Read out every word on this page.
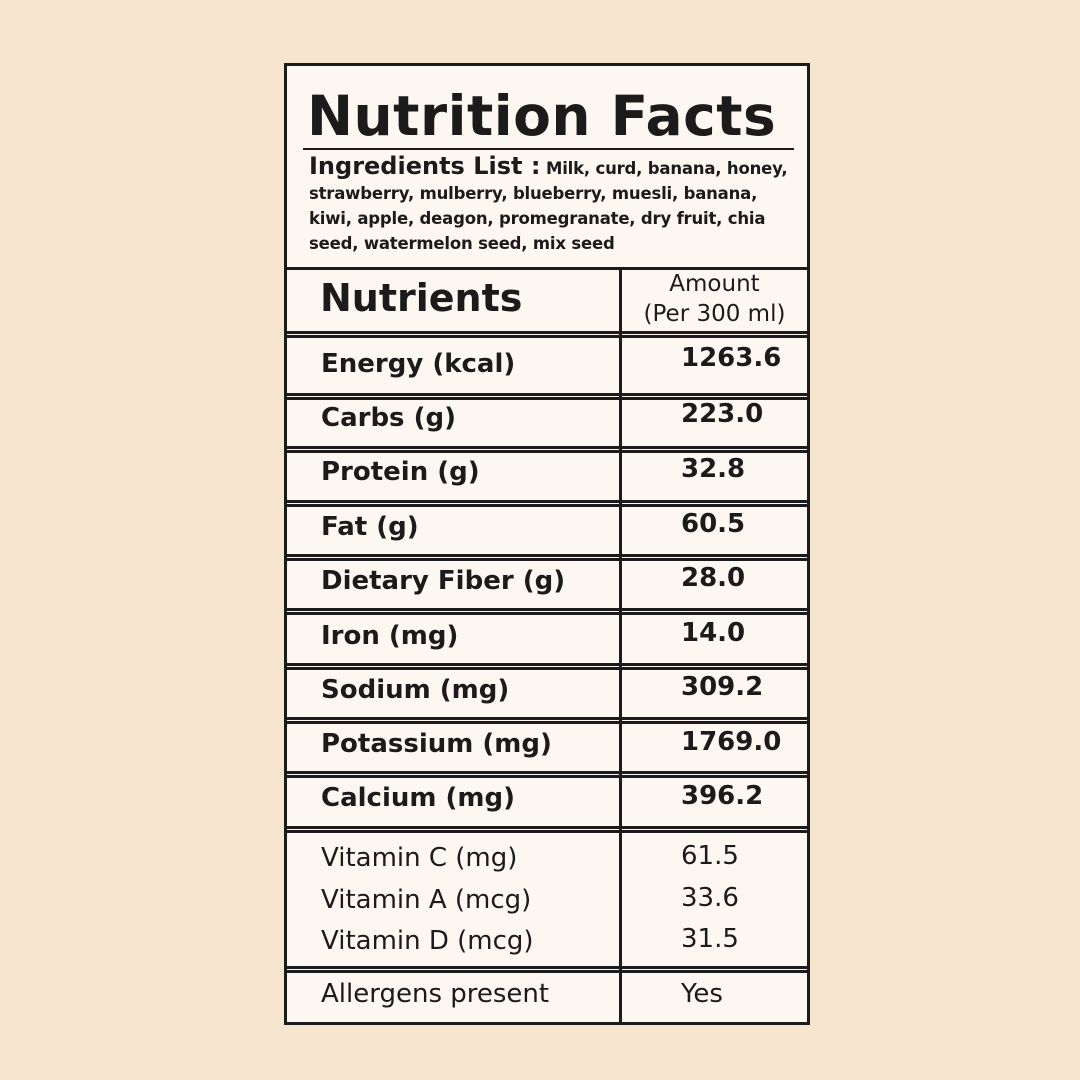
Nutrition Facts
Ingredients List : Milk, curd, banana, honey, strawberry, mulberry, blueberry, muesli, banana, kiwi, apple, deagon, promegranate, dry fruit, chia seed, watermelon seed, mix seed
Nutrients	Amount
(Per 300 ml)
Energy (kcal)	1263.6
Carbs (g)	223.0
Protein (g)	32.8
Fat (g)	60.5
Dietary Fiber (g)	28.0
Iron (mg)	14.0
Sodium (mg)	309.2
Potassium (mg)	1769.0
Calcium (mg)	396.2
Vitamin C (mg)	61.5
Vitamin A (mcg)	33.6
Vitamin D (mcg)	31.5
Allergens present	Yes
